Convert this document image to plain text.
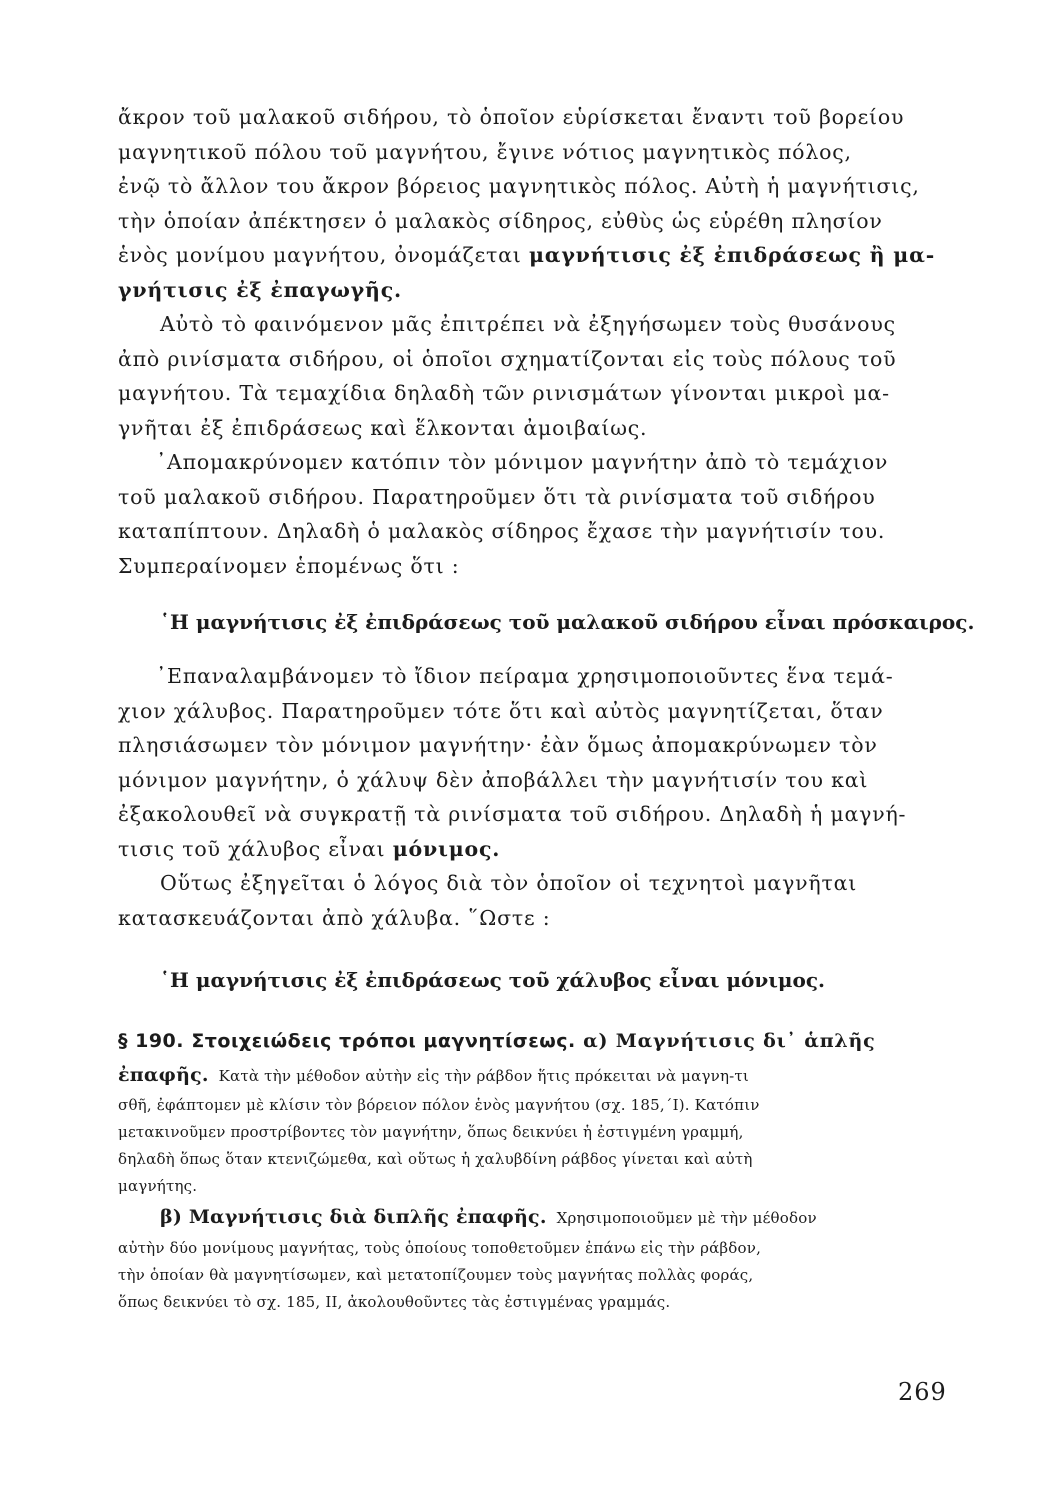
ἄκρον τοῦ μαλακοῦ σιδήρου, τὸ ὁποῖον εὑρίσκεται ἔναντι τοῦ βορείου
μαγνητικοῦ πόλου τοῦ μαγνήτου, ἔγινε νότιος μαγνητικὸς πόλος,
ἐνῷ τὸ ἄλλον του ἄκρον βόρειος μαγνητικὸς πόλος. Αὐτὴ ἡ μαγνήτισις,
τὴν ὁποίαν ἀπέκτησεν ὁ μαλακὸς σίδηρος, εὐθὺς ὡς εὑρέθη πλησίον
ἑνὸς μονίμου μαγνήτου, ὀνομάζεται μαγνήτισις ἐξ ἐπιδράσεως ἢ μα-
γνήτισις ἐξ ἐπαγωγῆς.
Αὐτὸ τὸ φαινόμενον μᾶς ἐπιτρέπει νὰ ἐξηγήσωμεν τοὺς θυσάνους
ἀπὸ ρινίσματα σιδήρου, οἱ ὁποῖοι σχηματίζονται εἰς τοὺς πόλους τοῦ
μαγνήτου. Τὰ τεμαχίδια δηλαδὴ τῶν ρινισμάτων γίνονται μικροὶ μα-
γνῆται ἐξ ἐπιδράσεως καὶ ἕλκονται ἀμοιβαίως.
᾿Απομακρύνομεν κατόπιν τὸν μόνιμον μαγνήτην ἀπὸ τὸ τεμάχιον
τοῦ μαλακοῦ σιδήρου. Παρατηροῦμεν ὅτι τὰ ρινίσματα τοῦ σιδήρου
καταπίπτουν. Δηλαδὴ ὁ μαλακὸς σίδηρος ἔχασε τὴν μαγνήτισίν του.
Συμπεραίνομεν ἑπομένως ὅτι :
῾Η μαγνήτισις ἐξ ἐπιδράσεως τοῦ μαλακοῦ σιδήρου εἶναι πρόσκαιρος.
᾿Επαναλαμβάνομεν τὸ ἴδιον πείραμα χρησιμοποιοῦντες ἕνα τεμά-
χιον χάλυβος. Παρατηροῦμεν τότε ὅτι καὶ αὐτὸς μαγνητίζεται, ὅταν
πλησιάσωμεν τὸν μόνιμον μαγνήτην· ἐὰν ὅμως ἀπομακρύνωμεν τὸν
μόνιμον μαγνήτην, ὁ χάλυψ δὲν ἀποβάλλει τὴν μαγνήτισίν του καὶ
ἐξακολουθεῖ νὰ συγκρατῇ τὰ ρινίσματα τοῦ σιδήρου. Δηλαδὴ ἡ μαγνή-
τισις τοῦ χάλυβος εἶναι μόνιμος.
Οὕτως ἐξηγεῖται ὁ λόγος διὰ τὸν ὁποῖον οἱ τεχνητοὶ μαγνῆται
κατασκευάζονται ἀπὸ χάλυβα. ῞Ωστε :
῾Η μαγνήτισις ἐξ ἐπιδράσεως τοῦ χάλυβος εἶναι μόνιμος.
§ 190. Στοιχειώδεις τρόποι μαγνητίσεως. α) Μαγνήτισις δι᾿ ἁπλῆς
ἐπαφῆς. Κατὰ τὴν μέθοδον αὐτὴν εἰς τὴν ράβδον ἥτις πρόκειται νὰ μαγνη-τι
σθῆ, ἐφάπτομεν μὲ κλίσιν τὸν βόρειον πόλον ἑνὸς μαγνήτου (σχ. 185,΄Ι). Κατόπιν
μετακινοῦμεν προστρίβοντες τὸν μαγνήτην, ὅπως δεικνύει ἡ ἐστιγμένη γραμμή,
δηλαδὴ ὅπως ὅταν κτενιζώμεθα, καὶ οὕτως ἡ χαλυβδίνη ράβδος γίνεται καὶ αὐτὴ
μαγνήτης.
β) Μαγνήτισις διὰ διπλῆς ἐπαφῆς. Χρησιμοποιοῦμεν μὲ τὴν μέθοδον
αὐτὴν δύο μονίμους μαγνήτας, τοὺς ὁποίους τοποθετοῦμεν ἐπάνω εἰς τὴν ράβδον,
τὴν ὁποίαν θὰ μαγνητίσωμεν, καὶ μετατοπίζουμεν τοὺς μαγνήτας πολλὰς φοράς,
ὅπως δεικνύει τὸ σχ. 185, ΙΙ, ἀκολουθοῦντες τὰς ἐστιγμένας γραμμάς.
269
